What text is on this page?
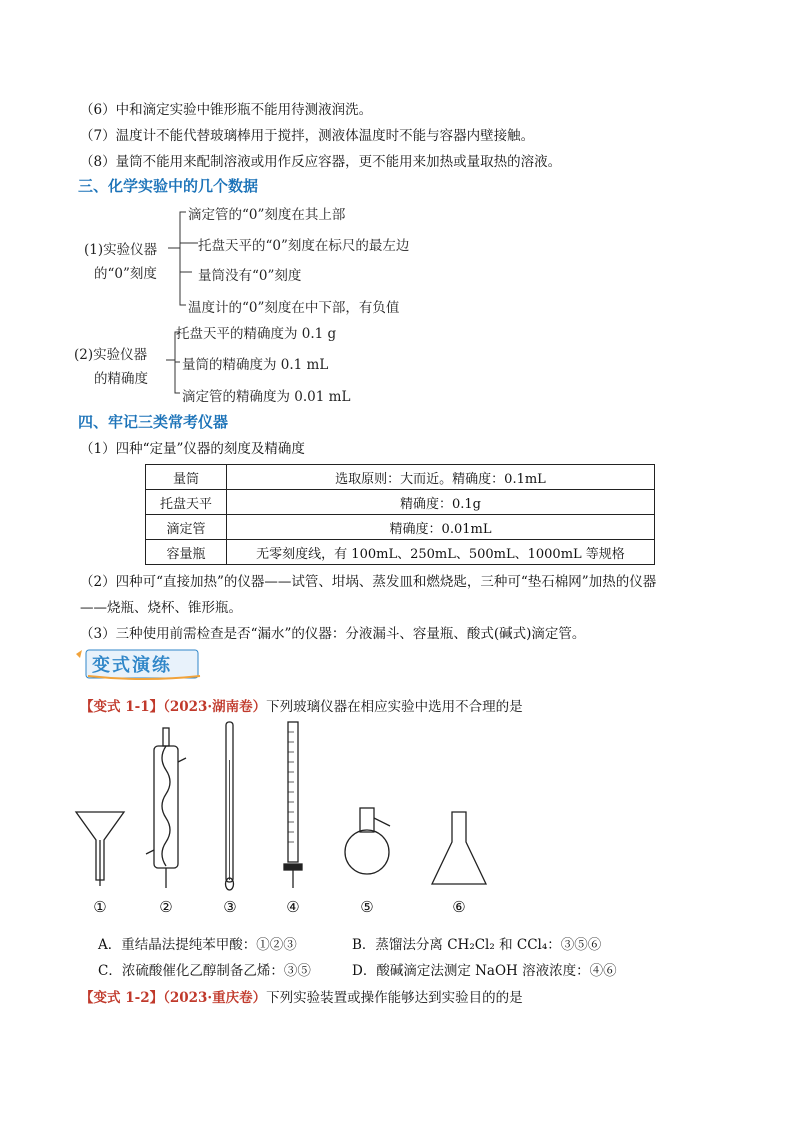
（6）中和滴定实验中锥形瓶不能用待测液润洗。
（7）温度计不能代替玻璃棒用于搅拌，测液体温度时不能与容器内壁接触。
（8）量筒不能用来配制溶液或用作反应容器，更不能用来加热或量取热的溶液。
三、化学实验中的几个数据
(1)实验仪器
的“0”刻度
滴定管的“0”刻度在其上部
托盘天平的“0”刻度在标尺的最左边
量筒没有“0”刻度
温度计的“0”刻度在中下部，有负值
(2)实验仪器
的精确度
托盘天平的精确度为 0.1 g
量筒的精确度为 0.1 mL
滴定管的精确度为 0.01 mL
四、牢记三类常考仪器
（1）四种“定量”仪器的刻度及精确度
量筒	选取原则：大而近。精确度：0.1mL
托盘天平	精确度：0.1g
滴定管	精确度：0.01mL
容量瓶	无零刻度线，有 100mL、250mL、500mL、1000mL 等规格
（2）四种可“直接加热”的仪器——试管、坩埚、蒸发皿和燃烧匙，三种可“垫石棉网”加热的仪器
——烧瓶、烧杯、锥形瓶。
（3）三种使用前需检查是否“漏水”的仪器：分液漏斗、容量瓶、酸式(碱式)滴定管。
变式演练
【变式 1-1】（2023·湖南卷）下列玻璃仪器在相应实验中选用不合理的是
①	②	③	④	⑤	⑥
A．重结晶法提纯苯甲酸：①②③	B．蒸馏法分离 CH₂Cl₂ 和 CCl₄：③⑤⑥
C．浓硫酸催化乙醇制备乙烯：③⑤	D．酸碱滴定法测定 NaOH 溶液浓度：④⑥
【变式 1-2】（2023·重庆卷）下列实验装置或操作能够达到实验目的的是
